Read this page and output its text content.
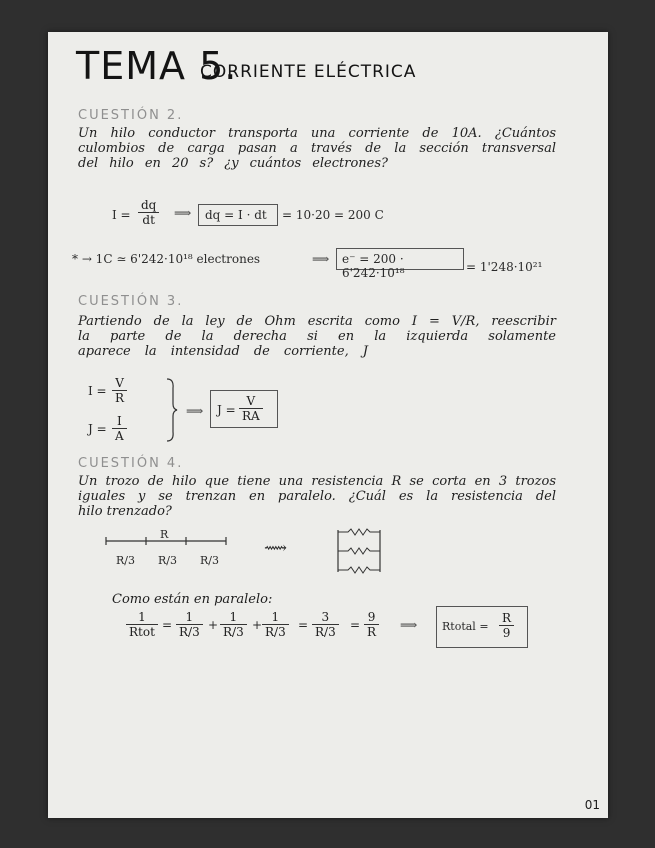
TEMA 5.
CORRIENTE ELÉCTRICA
CUESTIÓN 2.
Un hilo conductor transporta una corriente de 10A. ¿Cuántos
culombios de carga pasan a través de la sección transversal
del hilo en 20 s? ¿y cuántos electrones?
$I = \frac{dq}{dt}$ ⟹ dq = I · dt = 10·20 = 200 C
* → 1C ≃ 6'242·10¹⁸ electrones	⟹ e⁻ = 200 · 6'242·10¹⁸	= 1'248·10²¹
CUESTIÓN 3.
Partiendo de la ley de Ohm escrita como I = V/R, reescribir
la parte de la derecha si en la izquierda solamente
aparece la intensidad de corriente, J
$I = \frac{V}{R}$
$J = \frac{I}{A}$
⟹ $J = \frac{V}{RA}$
CUESTIÓN 4.
Un trozo de hilo que tiene una resistencia R se corta en 3 trozos
iguales y se trenzan en paralelo. ¿Cuál es la resistencia del
hilo trenzado?
R
R/3 R/3 R/3
⟿
Como están en paralelo:
1
Rtot = $\frac{1}{R/3} + \frac{1}{R/3} + \frac{1}{R/3} = \frac{3}{R/3} = \frac{9}{R}$ ⟹ Rtotal = $\frac{R}{9}$
01
